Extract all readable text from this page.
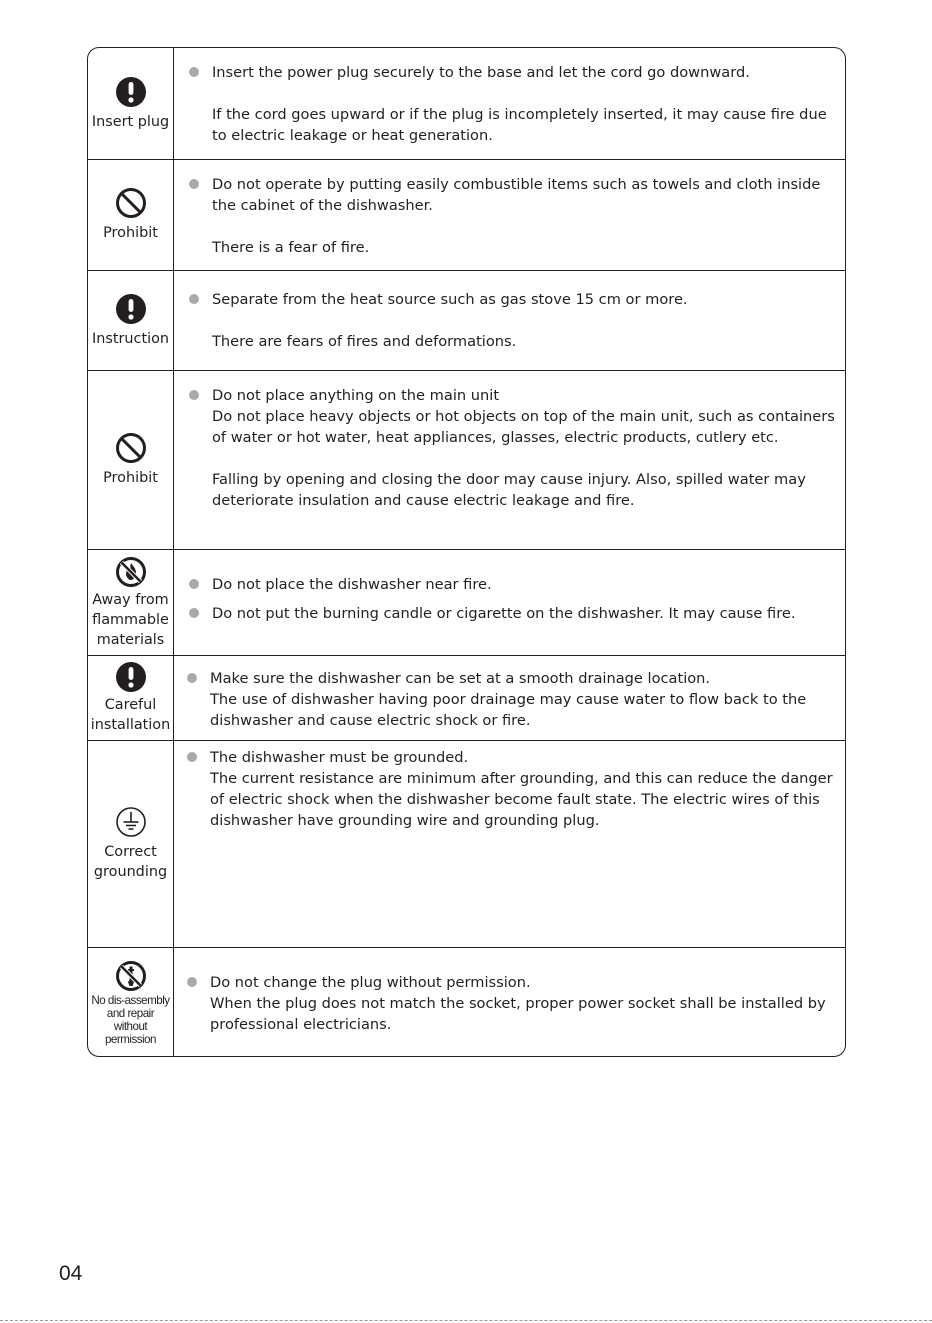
Insert plug
Insert the power plug securely to the base and let the cord go downward.
If the cord goes upward or if the plug is incompletely inserted, it may cause fire due to electric leakage or heat generation.
Prohibit
Do not operate by putting easily combustible items such as towels and cloth inside the cabinet of the dishwasher.
There is a fear of fire.
Instruction
Separate from the heat source such as gas stove 15 cm or more.
There are fears of fires and deformations.
Prohibit
Do not place anything on the main unit
Do not place heavy objects or hot objects on top of the main unit, such as containers of water or hot water, heat appliances, glasses, electric products, cutlery etc.
Falling by opening and closing the door may cause injury. Also, spilled water may deteriorate insulation and cause electric leakage and fire.
Away from
flammable
materials
Do not place the dishwasher near fire.
Do not put the burning candle or cigarette on the dishwasher. It may cause fire.
Careful
installation
Make sure the dishwasher can be set at a smooth drainage location.
The use of dishwasher having poor drainage may cause water to flow back to the dishwasher and cause electric shock or fire.
Correct
grounding
The dishwasher must be grounded.
The current resistance are minimum after grounding, and this can reduce the danger of electric shock when the dishwasher become fault state. The electric wires of this dishwasher have grounding wire and grounding plug.
No dis-assembly
and repair
without
permission
Do not change the plug without permission.
When the plug does not match the socket, proper power socket shall be installed by professional electricians.
04
